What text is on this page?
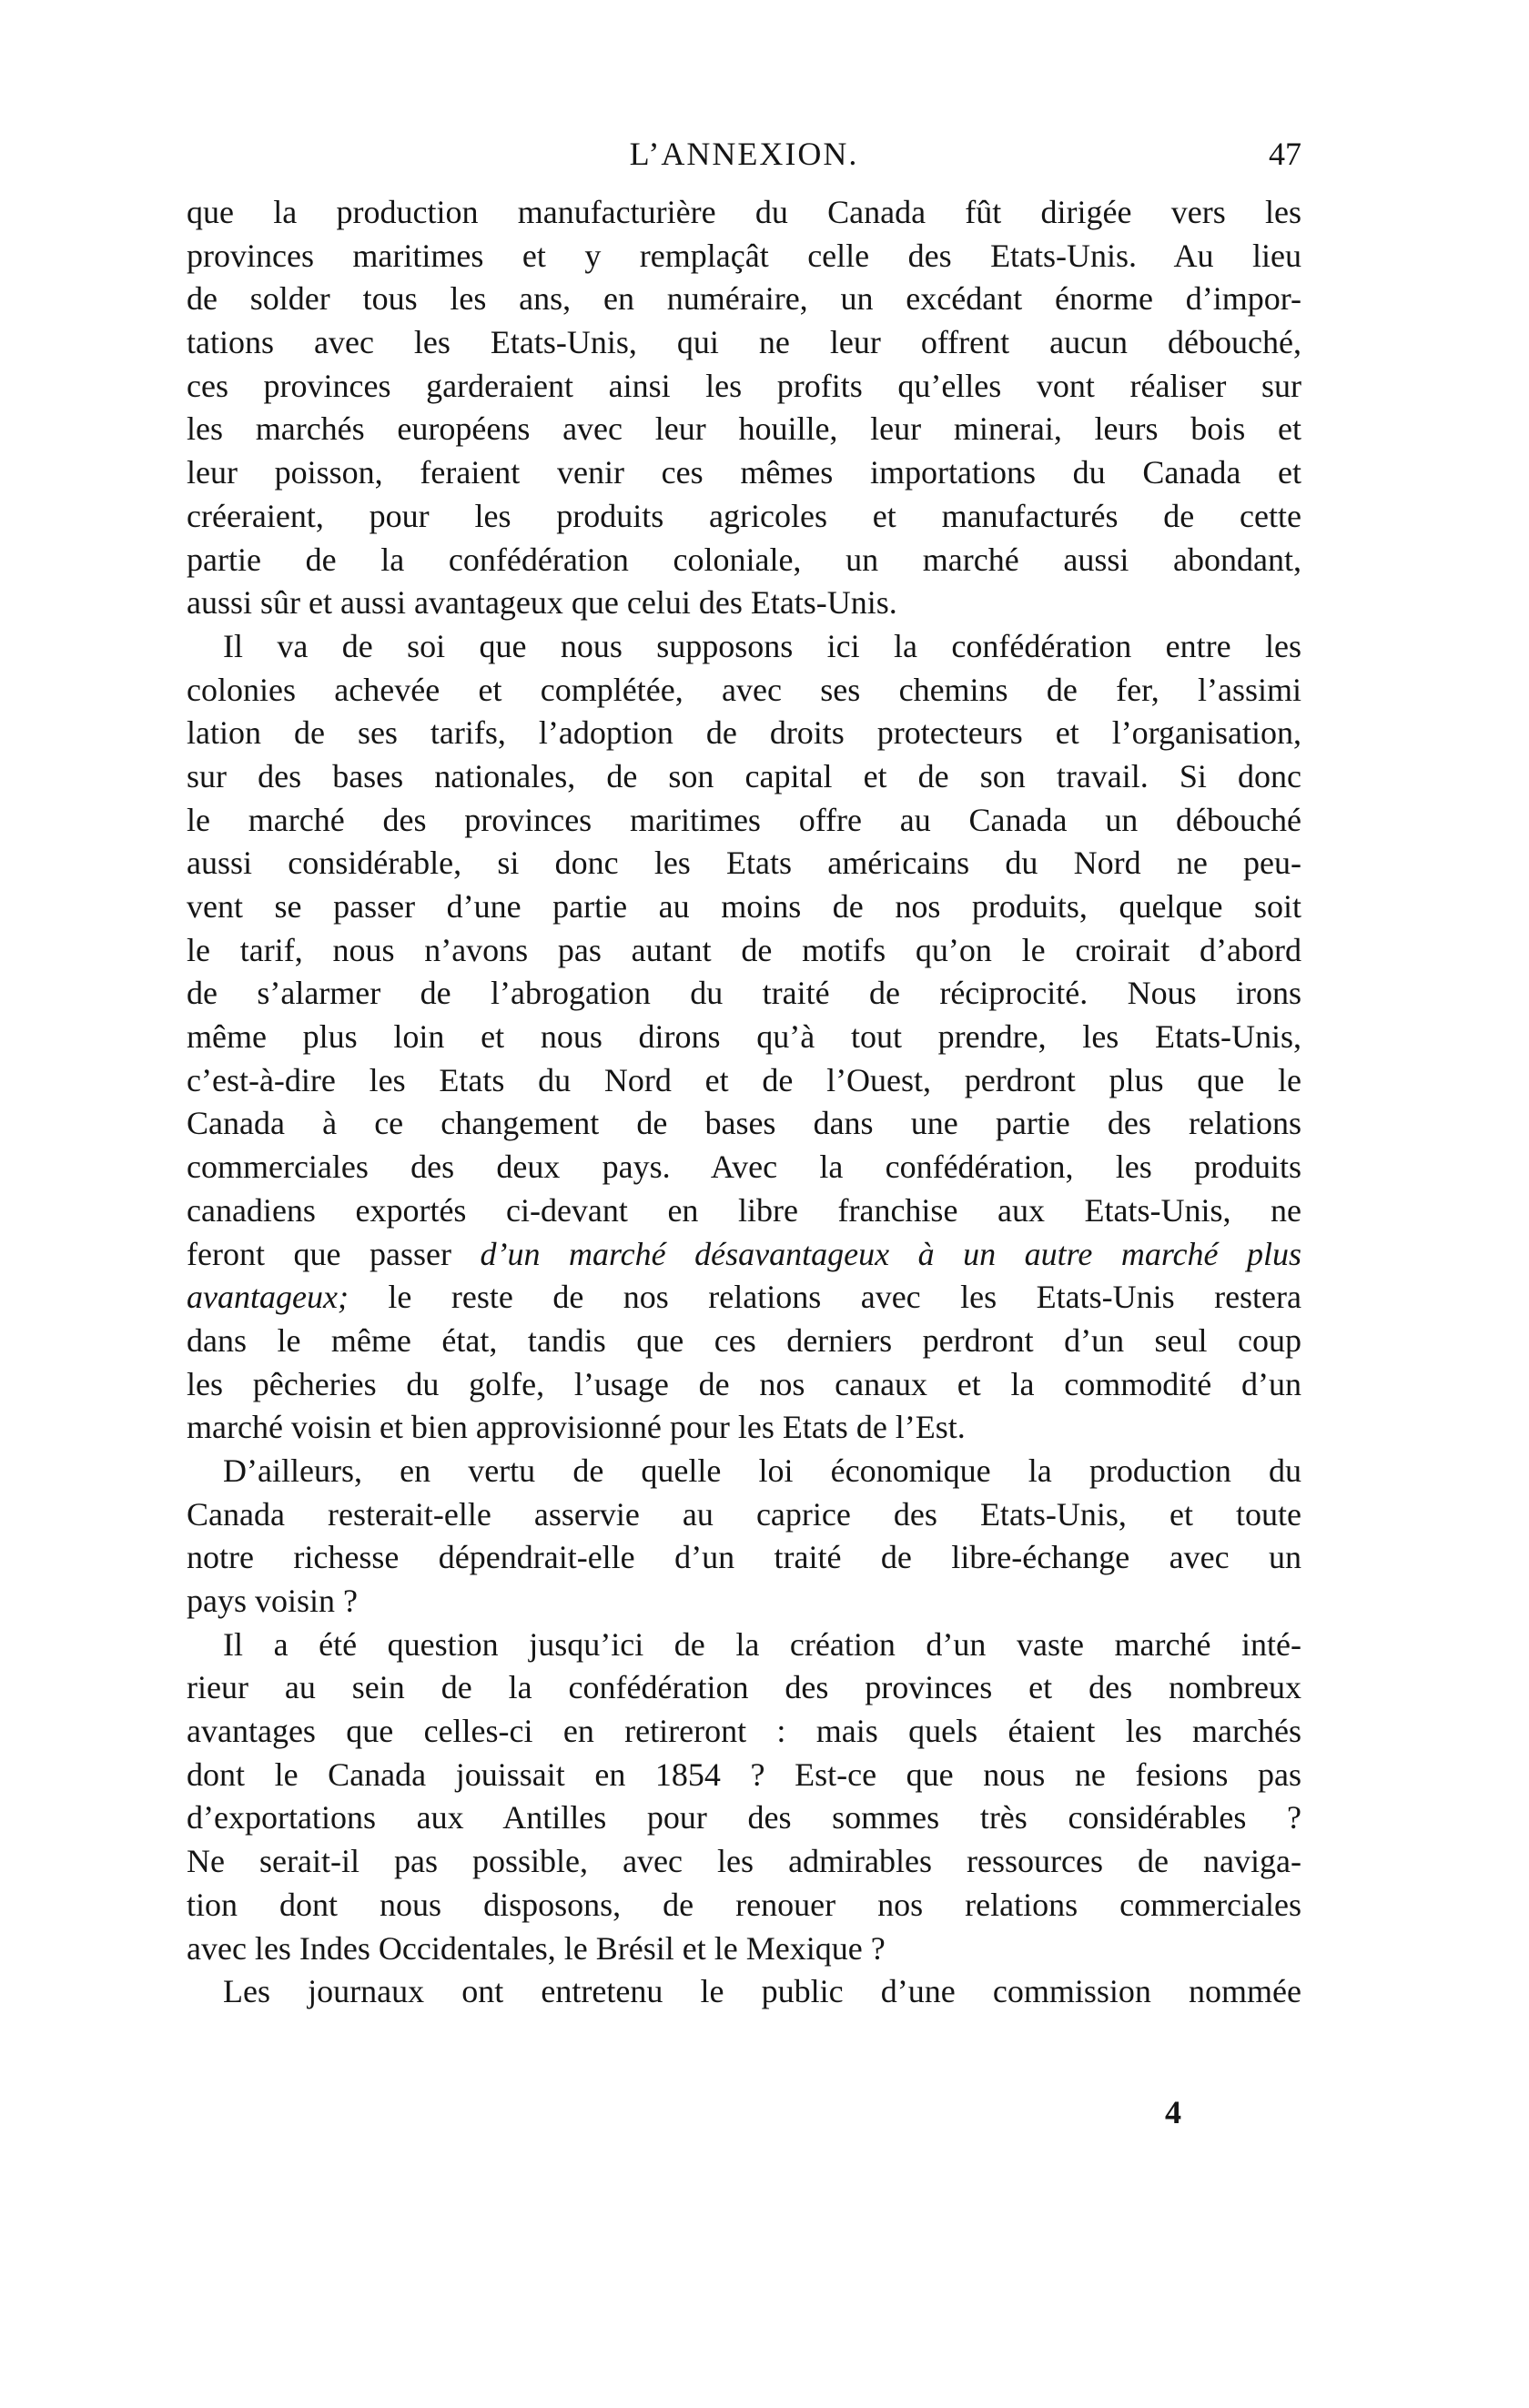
L’ANNEXION.	47
que la production manufacturière du Canada fût dirigée vers les
provinces maritimes et y remplaçât celle des Etats-Unis. Au lieu
de solder tous les ans, en numéraire, un excédant énorme d’impor-
tations avec les Etats-Unis, qui ne leur offrent aucun débouché,
ces provinces garderaient ainsi les profits qu’elles vont réaliser sur
les marchés européens avec leur houille, leur minerai, leurs bois et
leur poisson, feraient venir ces mêmes importations du Canada et
créeraient, pour les produits agricoles et manufacturés de cette
partie de la confédération coloniale, un marché aussi abondant,
aussi sûr et aussi avantageux que celui des Etats-Unis.
Il va de soi que nous supposons ici la confédération entre les
colonies achevée et complétée, avec ses chemins de fer, l’assimi
lation de ses tarifs, l’adoption de droits protecteurs et l’organisation,
sur des bases nationales, de son capital et de son travail. Si donc
le marché des provinces maritimes offre au Canada un débouché
aussi considérable, si donc les Etats américains du Nord ne peu-
vent se passer d’une partie au moins de nos produits, quelque soit
le tarif, nous n’avons pas autant de motifs qu’on le croirait d’abord
de s’alarmer de l’abrogation du traité de réciprocité. Nous irons
même plus loin et nous dirons qu’à tout prendre, les Etats-Unis,
c’est-à-dire les Etats du Nord et de l’Ouest, perdront plus que le
Canada à ce changement de bases dans une partie des relations
commerciales des deux pays. Avec la confédération, les produits
canadiens exportés ci-devant en libre franchise aux Etats-Unis, ne
feront que passer d’un marché désavantageux à un autre marché plus
avantageux; le reste de nos relations avec les Etats-Unis restera
dans le même état, tandis que ces derniers perdront d’un seul coup
les pêcheries du golfe, l’usage de nos canaux et la commodité d’un
marché voisin et bien approvisionné pour les Etats de l’Est.
D’ailleurs, en vertu de quelle loi économique la production du
Canada resterait-elle asservie au caprice des Etats-Unis, et toute
notre richesse dépendrait-elle d’un traité de libre-échange avec un
pays voisin ?
Il a été question jusqu’ici de la création d’un vaste marché inté-
rieur au sein de la confédération des provinces et des nombreux
avantages que celles-ci en retireront : mais quels étaient les marchés
dont le Canada jouissait en 1854 ? Est-ce que nous ne fesions pas
d’exportations aux Antilles pour des sommes très considérables ?
Ne serait-il pas possible, avec les admirables ressources de naviga-
tion dont nous disposons, de renouer nos relations commerciales
avec les Indes Occidentales, le Brésil et le Mexique ?
Les journaux ont entretenu le public d’une commission nommée
4
